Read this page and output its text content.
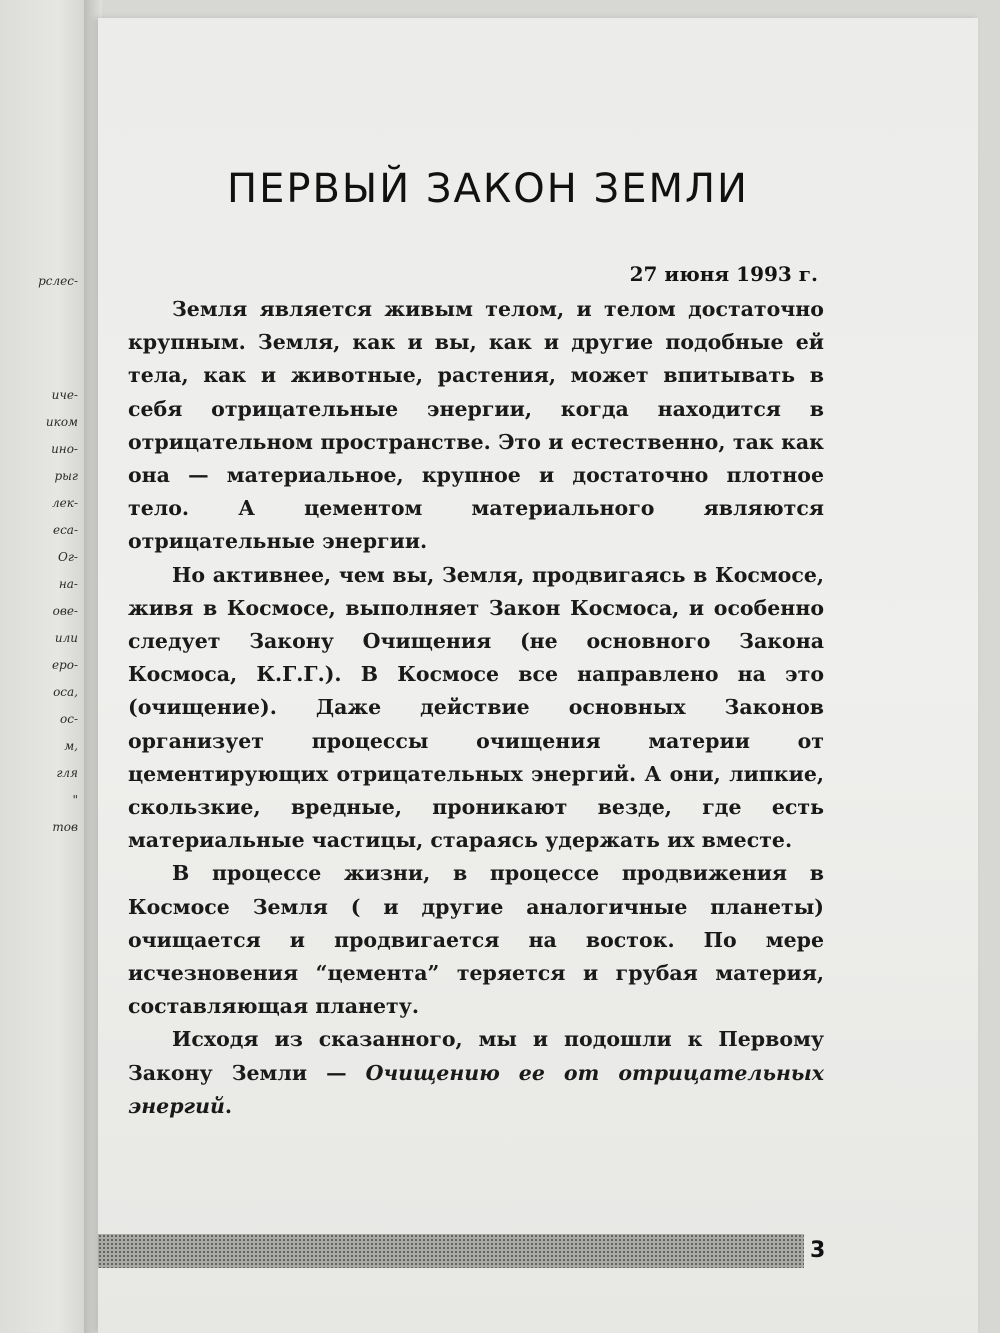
pслес-
ичe-
иком
ино-
рыг
лек-
еса-
Ог-
на-
ове-
или
еро-
оса,
ос-
м,
гля
"
тов
ПЕРВЫЙ ЗАКОН ЗЕМЛИ
27 июня 1993 г.

Земля является живым телом, и телом достаточно крупным. Земля, как и вы, как и другие подобные ей тела, как и животные, растения, может впитывать в себя отрицательные энергии, когда находится в отрицательном пространстве. Это и естественно, так как она — материальное, крупное и достаточно плотное тело. А цементом материального являются отрицательные энергии.

Но активнее, чем вы, Земля, продвигаясь в Космосе, живя в Космосе, выполняет Закон Космоса, и особенно следует Закону Очищения (не основного Закона Космоса, К.Г.Г.). В Космосе все направлено на это (очищение). Даже действие основных Законов организует процессы очищения материи от цементирующих отрицательных энергий. А они, липкие, скользкие, вредные, проникают везде, где есть материальные частицы, стараясь удержать их вместе.

В процессе жизни, в процессе продвижения в Космосе Земля ( и другие аналогичные планеты) очищается и продвигается на восток. По мере исчезновения “цемента” теряется и грубая материя, составляющая планету.

Исходя из сказанного, мы и подошли к Первому Закону Земли — Очищению ее от отрицательных энергий.

3
